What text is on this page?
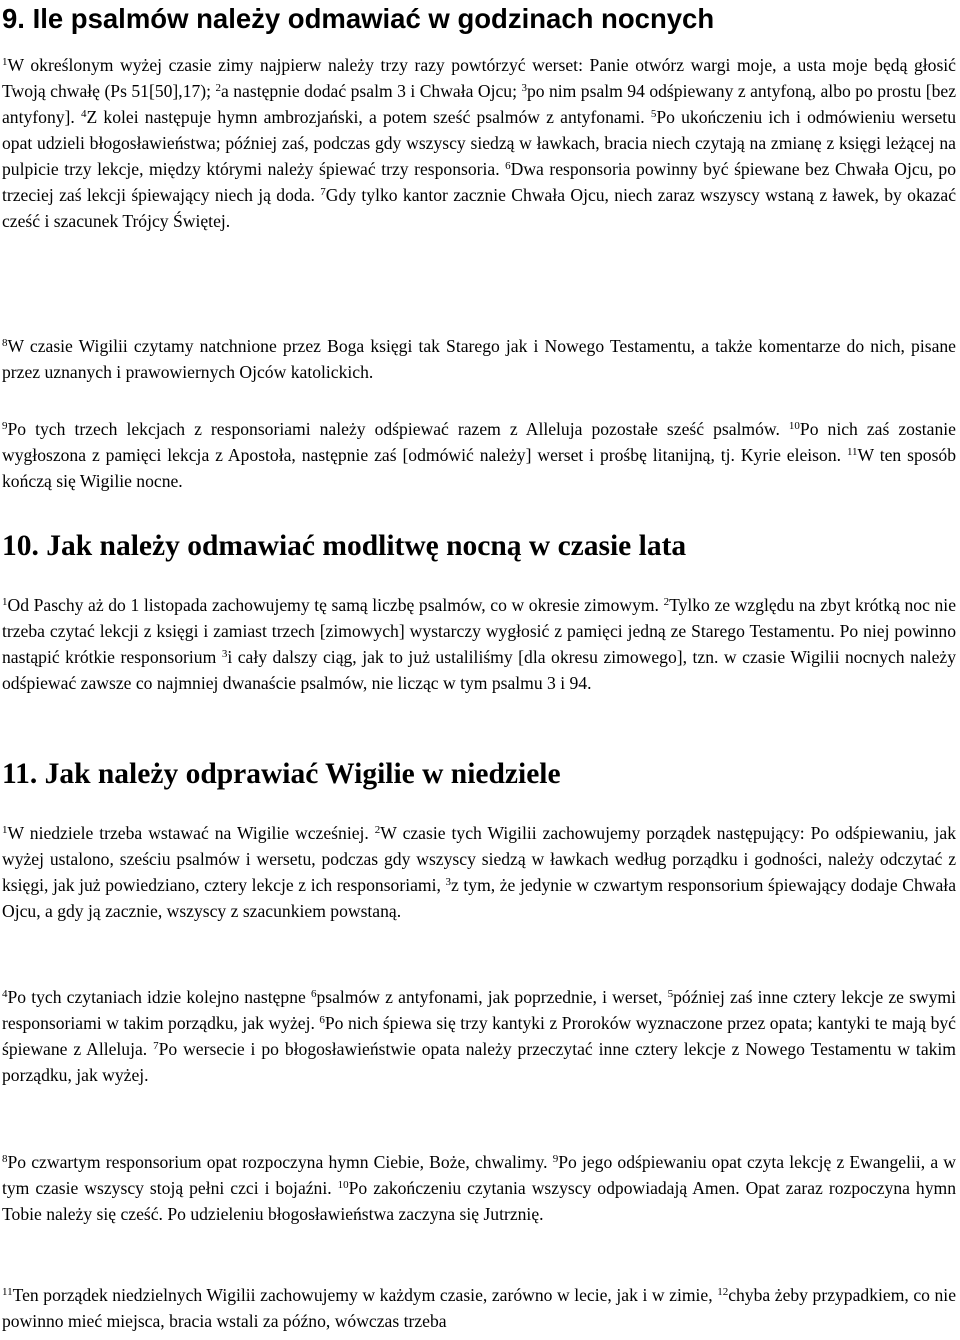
9. Ile psalmów należy odmawiać w godzinach nocnych

$^1$W określonym wyżej czasie zimy najpierw należy trzy razy powtórzyć werset: Panie otwórz wargi moje, a usta moje będą głosić Twoją chwałę (Ps 51[50],17); $^2$a następnie dodać psalm 3 i Chwała Ojcu; $^3$po nim psalm 94 odśpiewany z antyfoną, albo po prostu [bez antyfony]. $^4$Z kolei następuje hymn ambrozjański, a potem sześć psalmów z antyfonami. $^5$Po ukończeniu ich i odmówieniu wersetu opat udzieli błogosławieństwa; później zaś, podczas gdy wszyscy siedzą w ławkach, bracia niech czytają na zmianę z księgi leżącej na pulpicie trzy lekcje, między którymi należy śpiewać trzy responsoria. $^6$Dwa responsoria powinny być śpiewane bez Chwała Ojcu, po trzeciej zaś lekcji śpiewający niech ją doda. $^7$Gdy tylko kantor zacznie Chwała Ojcu, niech zaraz wszyscy wstaną z ławek, by okazać cześć i szacunek Trójcy Świętej.

$^8$W czasie Wigilii czytamy natchnione przez Boga księgi tak Starego jak i Nowego Testamentu, a także komentarze do nich, pisane przez uznanych i prawowiernych Ojców katolickich.

$^9$Po tych trzech lekcjach z responsoriami należy odśpiewać razem z Alleluja pozostałe sześć psalmów. $^{10}$Po nich zaś zostanie wygłoszona z pamięci lekcja z Apostoła, następnie zaś [odmówić należy] werset i prośbę litanijną, tj. Kyrie eleison. $^{11}$W ten sposób kończą się Wigilie nocne.

10. Jak należy odmawiać modlitwę nocną w czasie lata

$^1$Od Paschy aż do 1 listopada zachowujemy tę samą liczbę psalmów, co w okresie zimowym. $^2$Tylko ze względu na zbyt krótką noc nie trzeba czytać lekcji z księgi i zamiast trzech [zimowych] wystarczy wygłosić z pamięci jedną ze Starego Testamentu. Po niej powinno nastąpić krótkie responsorium $^3$i cały dalszy ciąg, jak to już ustaliliśmy [dla okresu zimowego], tzn. w czasie Wigilii nocnych należy odśpiewać zawsze co najmniej dwanaście psalmów, nie licząc w tym psalmu 3 i 94.

11. Jak należy odprawiać Wigilie w niedziele

$^1$W niedziele trzeba wstawać na Wigilie wcześniej. $^2$W czasie tych Wigilii zachowujemy porządek następujący: Po odśpiewaniu, jak wyżej ustalono, sześciu psalmów i wersetu, podczas gdy wszyscy siedzą w ławkach według porządku i godności, należy odczytać z księgi, jak już powiedziano, cztery lekcje z ich responsoriami, $^3$z tym, że jedynie w czwartym responsorium śpiewający dodaje Chwała Ojcu, a gdy ją zacznie, wszyscy z szacunkiem powstaną.

$^4$Po tych czytaniach idzie kolejno następne $^6$psalmów z antyfonami, jak poprzednie, i werset, $^5$później zaś inne cztery lekcje ze swymi responsoriami w takim porządku, jak wyżej. $^6$Po nich śpiewa się trzy kantyki z Proroków wyznaczone przez opata; kantyki te mają być śpiewane z Alleluja. $^7$Po wersecie i po błogosławieństwie opata należy przeczytać inne cztery lekcje z Nowego Testamentu w takim porządku, jak wyżej.

$^8$Po czwartym responsorium opat rozpoczyna hymn Ciebie, Boże, chwalimy. $^9$Po jego odśpiewaniu opat czyta lekcję z Ewangelii, a w tym czasie wszyscy stoją pełni czci i bojaźni. $^{10}$Po zakończeniu czytania wszyscy odpowiadają Amen. Opat zaraz rozpoczyna hymn Tobie należy się cześć. Po udzieleniu błogosławieństwa zaczyna się Jutrznię.

$^{11}$Ten porządek niedzielnych Wigilii zachowujemy w każdym czasie, zarówno w lecie, jak i w zimie, $^{12}$chyba żeby przypadkiem, co nie powinno mieć miejsca, bracia wstali za późno, wówczas trzeba
